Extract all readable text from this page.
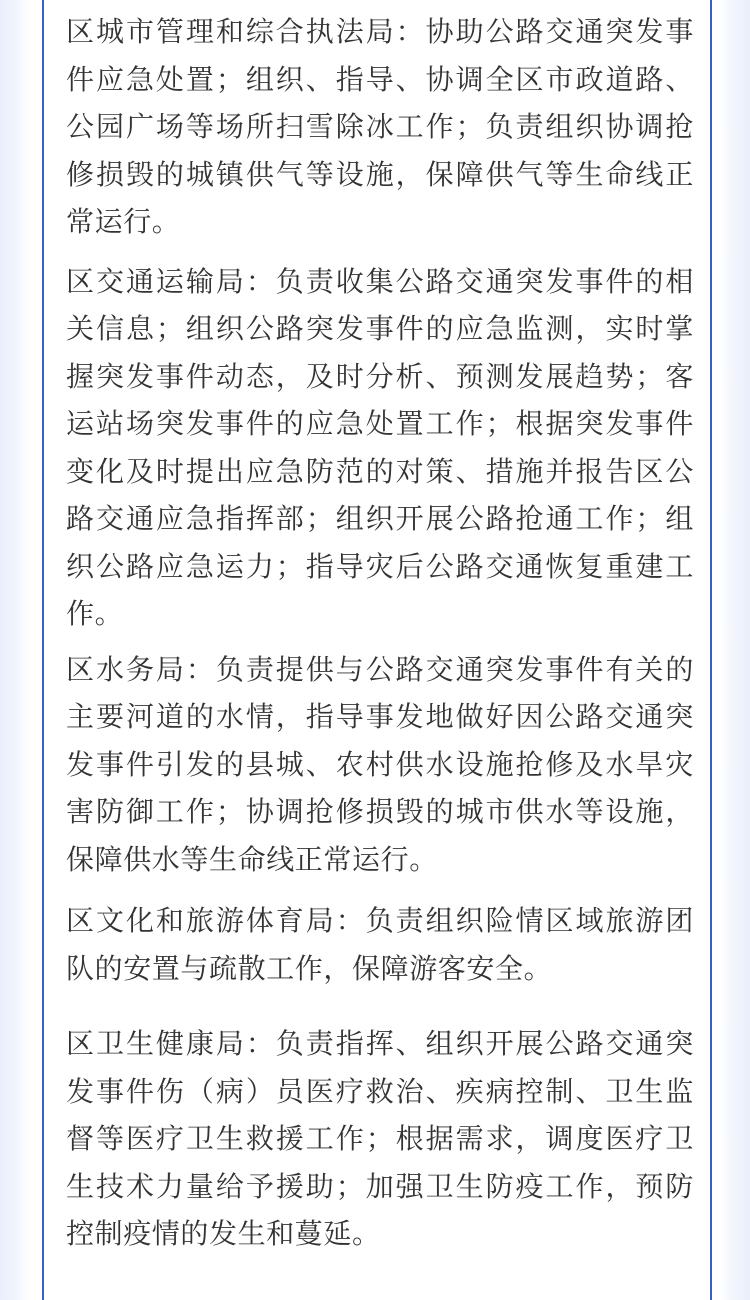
区城市管理和综合执法局：协助公路交通突发事件应急处置；组织、指导、协调全区市政道路、公园广场等场所扫雪除冰工作；负责组织协调抢修损毁的城镇供气等设施，保障供气等生命线正常运行。

区交通运输局：负责收集公路交通突发事件的相关信息；组织公路突发事件的应急监测，实时掌握突发事件动态，及时分析、预测发展趋势；客运站场突发事件的应急处置工作；根据突发事件变化及时提出应急防范的对策、措施并报告区公路交通应急指挥部；组织开展公路抢通工作；组织公路应急运力；指导灾后公路交通恢复重建工作。

区水务局：负责提供与公路交通突发事件有关的主要河道的水情，指导事发地做好因公路交通突发事件引发的县城、农村供水设施抢修及水旱灾害防御工作；协调抢修损毁的城市供水等设施，保障供水等生命线正常运行。

区文化和旅游体育局：负责组织险情区域旅游团队的安置与疏散工作，保障游客安全。

区卫生健康局：负责指挥、组织开展公路交通突发事件伤（病）员医疗救治、疾病控制、卫生监督等医疗卫生救援工作；根据需求，调度医疗卫生技术力量给予援助；加强卫生防疫工作，预防控制疫情的发生和蔓延。
